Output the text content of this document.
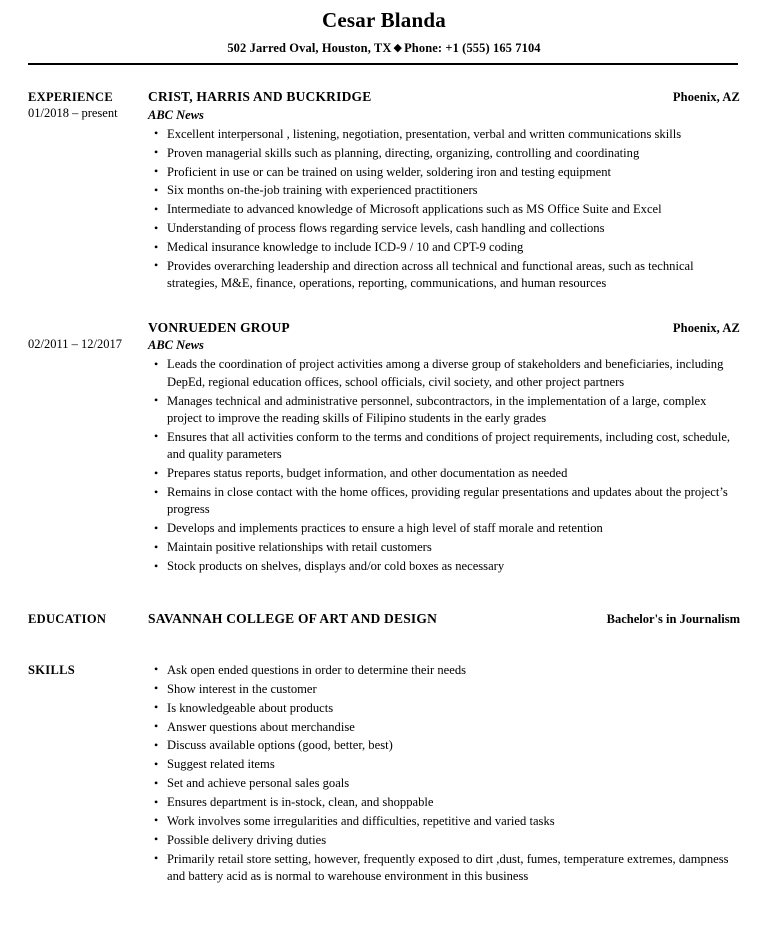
Cesar Blanda
502 Jarred Oval, Houston, TX ◆ Phone: +1 (555) 165 7104
EXPERIENCE
01/2018 – present
CRIST, HARRIS AND BUCKRIDGE	Phoenix, AZ
ABC News
• Excellent interpersonal , listening, negotiation, presentation, verbal and written communications skills
• Proven managerial skills such as planning, directing, organizing, controlling and coordinating
• Proficient in use or can be trained on using welder, soldering iron and testing equipment
• Six months on-the-job training with experienced practitioners
• Intermediate to advanced knowledge of Microsoft applications such as MS Office Suite and Excel
• Understanding of process flows regarding service levels, cash handling and collections
• Medical insurance knowledge to include ICD-9 / 10 and CPT-9 coding
• Provides overarching leadership and direction across all technical and functional areas, such as technical strategies, M&E, finance, operations, reporting, communications, and human resources
02/2011 – 12/2017
VONRUEDEN GROUP	Phoenix, AZ
ABC News
• Leads the coordination of project activities among a diverse group of stakeholders and beneficiaries, including DepEd, regional education offices, school officials, civil society, and other project partners
• Manages technical and administrative personnel, subcontractors, in the implementation of a large, complex project to improve the reading skills of Filipino students in the early grades
• Ensures that all activities conform to the terms and conditions of project requirements, including cost, schedule, and quality parameters
• Prepares status reports, budget information, and other documentation as needed
• Remains in close contact with the home offices, providing regular presentations and updates about the project’s progress
• Develops and implements practices to ensure a high level of staff morale and retention
• Maintain positive relationships with retail customers
• Stock products on shelves, displays and/or cold boxes as necessary
EDUCATION	SAVANNAH COLLEGE OF ART AND DESIGN	Bachelor's in Journalism
SKILLS	• Ask open ended questions in order to determine their needs
• Show interest in the customer
• Is knowledgeable about products
• Answer questions about merchandise
• Discuss available options (good, better, best)
• Suggest related items
• Set and achieve personal sales goals
• Ensures department is in-stock, clean, and shoppable
• Work involves some irregularities and difficulties, repetitive and varied tasks
• Possible delivery driving duties
• Primarily retail store setting, however, frequently exposed to dirt ,dust, fumes, temperature extremes, dampness and battery acid as is normal to warehouse environment in this business
